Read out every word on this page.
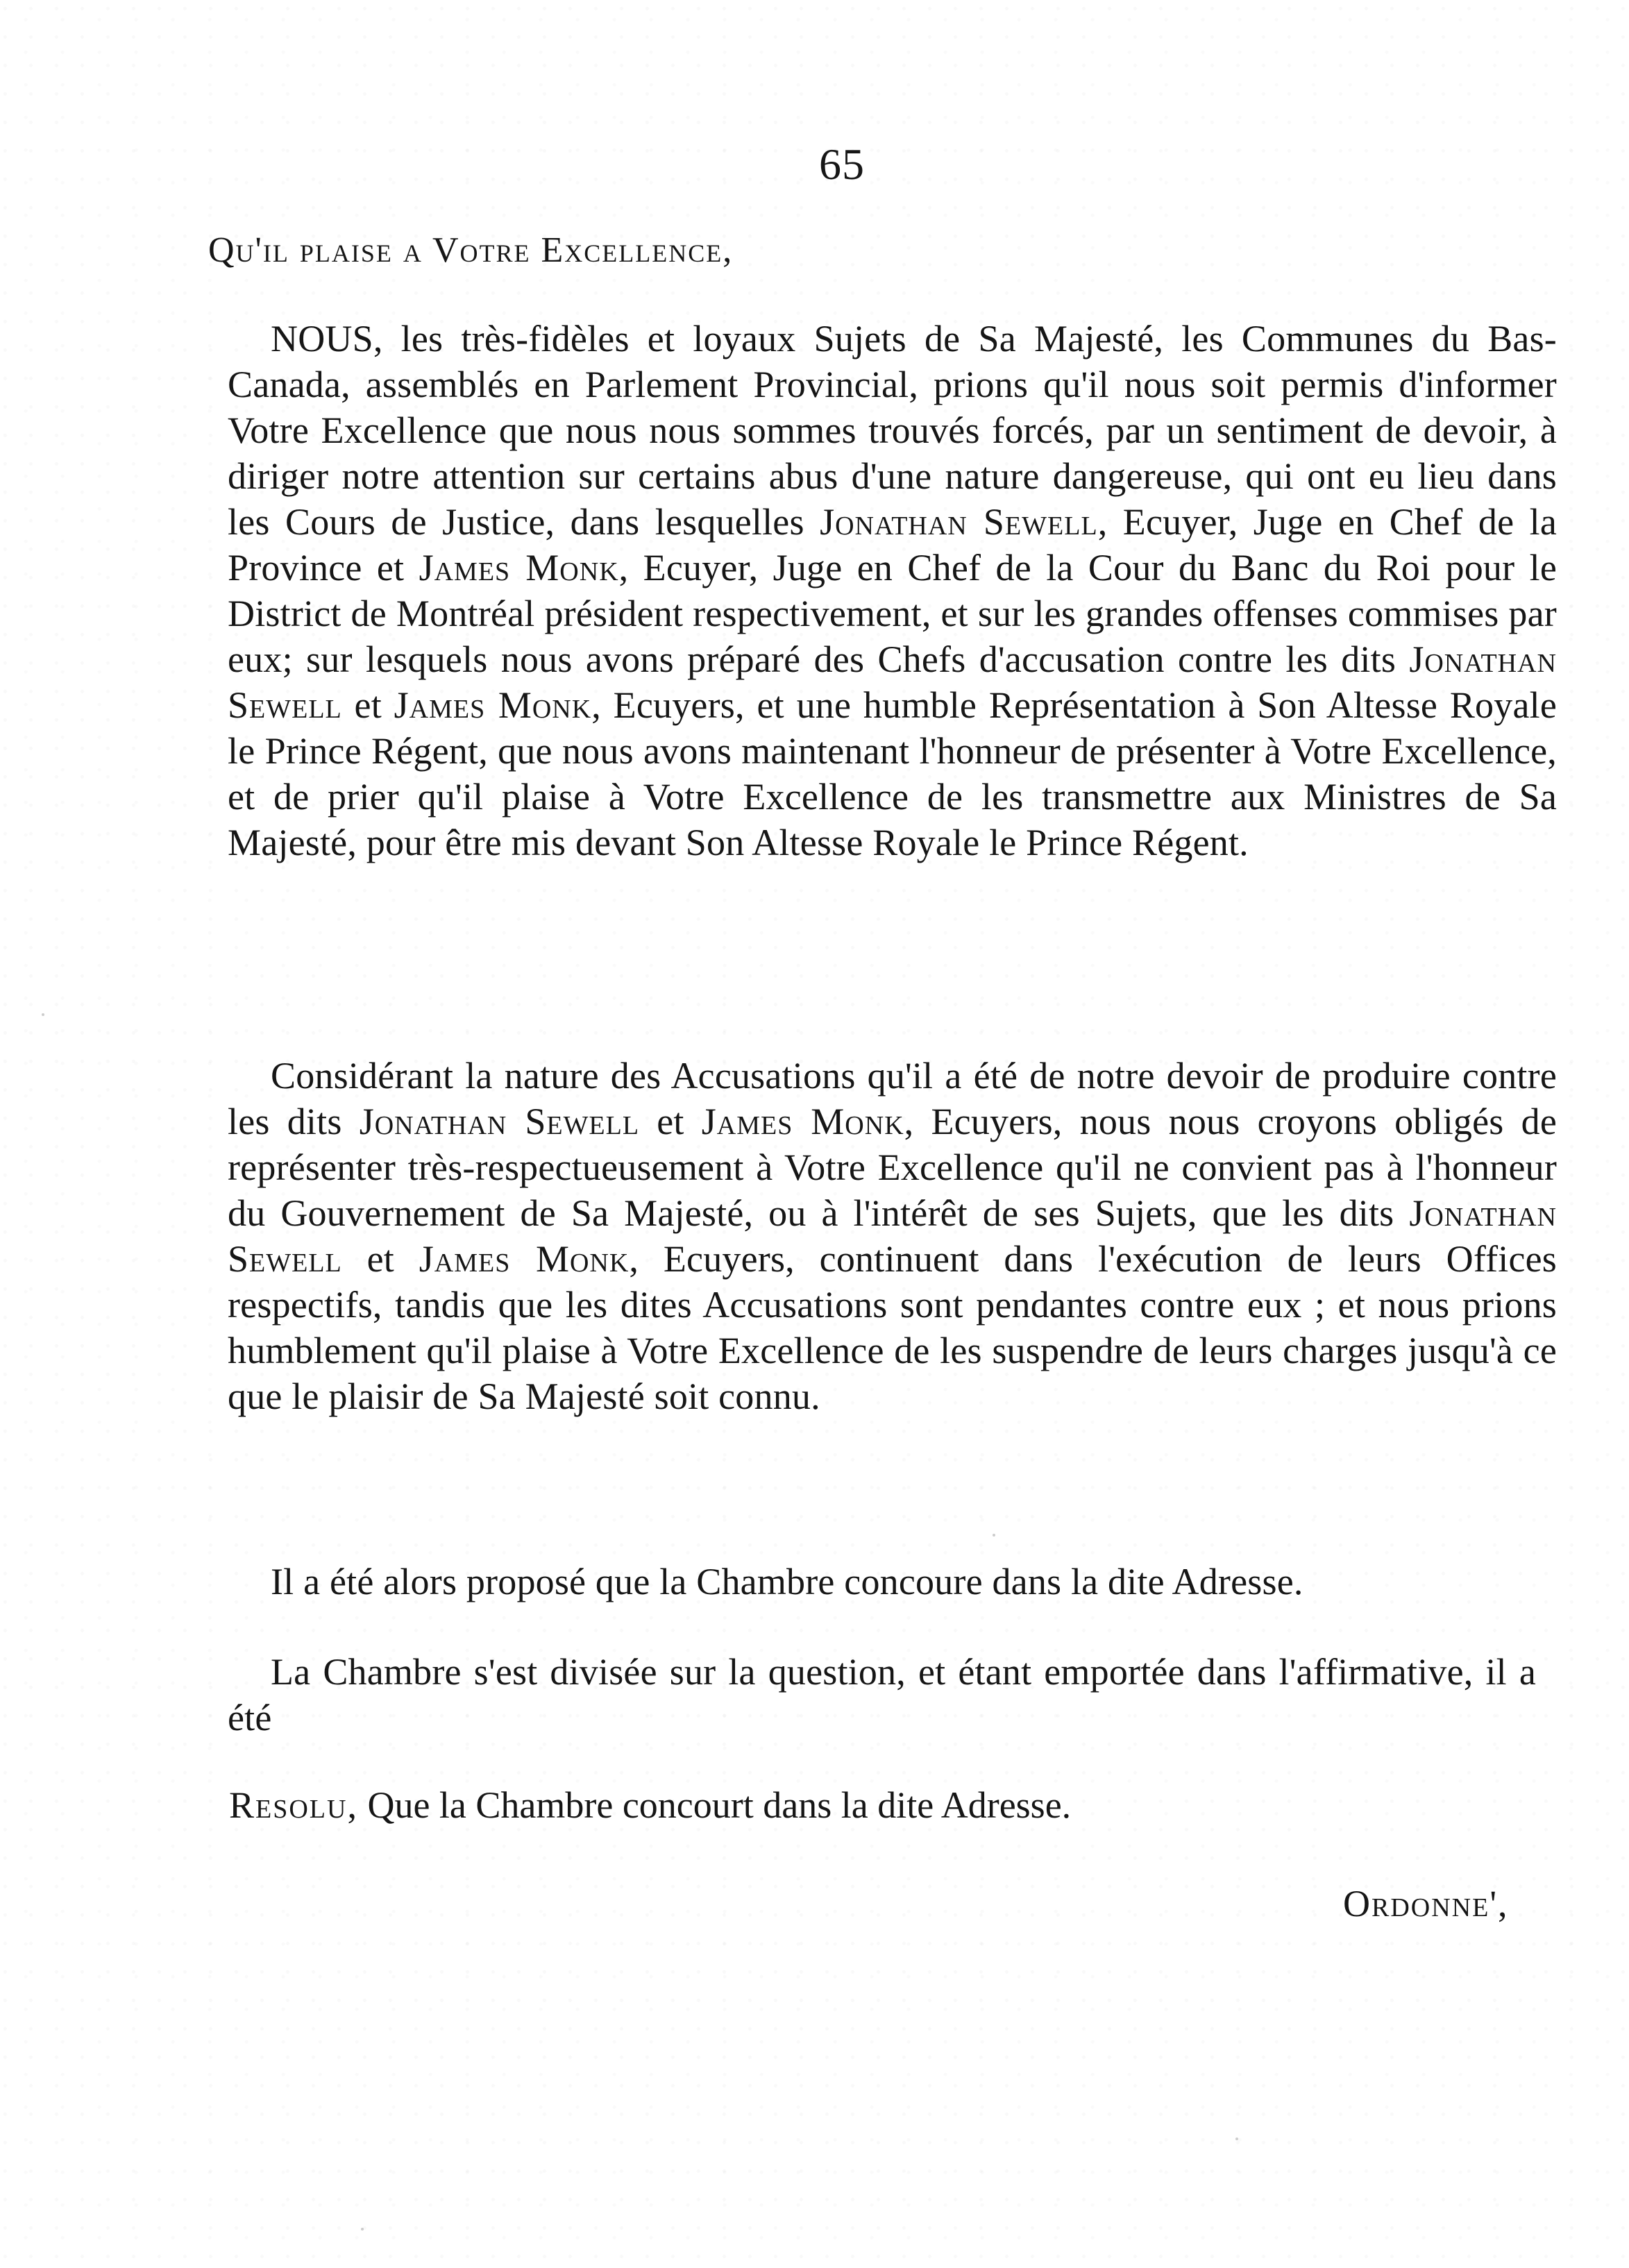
65
Qu'il plaise a Votre Excellence,

NOUS, les très-fidèles et loyaux Sujets de Sa Majesté, les Communes du Bas-Canada, assemblés en Parlement Provincial, prions qu'il nous soit permis d'informer Votre Excellence que nous nous sommes trouvés forcés, par un sentiment de devoir, à diriger notre attention sur certains abus d'une nature dangereuse, qui ont eu lieu dans les Cours de Justice, dans lesquelles Jonathan Sewell, Ecuyer, Juge en Chef de la Province et James Monk, Ecuyer, Juge en Chef de la Cour du Banc du Roi pour le District de Montréal président respectivement, et sur les grandes offenses commises par eux; sur lesquels nous avons préparé des Chefs d'accusation contre les dits Jonathan Sewell et James Monk, Ecuyers, et une humble Représentation à Son Altesse Royale le Prince Régent, que nous avons maintenant l'honneur de présenter à Votre Excellence, et de prier qu'il plaise à Votre Excellence de les transmettre aux Ministres de Sa Majesté, pour être mis devant Son Altesse Royale le Prince Régent.

Considérant la nature des Accusations qu'il a été de notre devoir de produire contre les dits Jonathan Sewell et James Monk, Ecuyers, nous nous croyons obligés de représenter très-respectueusement à Votre Excellence qu'il ne convient pas à l'honneur du Gouvernement de Sa Majesté, ou à l'intérêt de ses Sujets, que les dits Jonathan Sewell et James Monk, Ecuyers, continuent dans l'exécution de leurs Offices respectifs, tandis que les dites Accusations sont pendantes contre eux ; et nous prions humblement qu'il plaise à Votre Excellence de les suspendre de leurs charges jusqu'à ce que le plaisir de Sa Majesté soit connu.

Il a été alors proposé que la Chambre concoure dans la dite Adresse.

La Chambre s'est divisée sur la question, et étant emportée dans l'affirmative, il a été

Resolu, Que la Chambre concourt dans la dite Adresse.
Ordonne',
